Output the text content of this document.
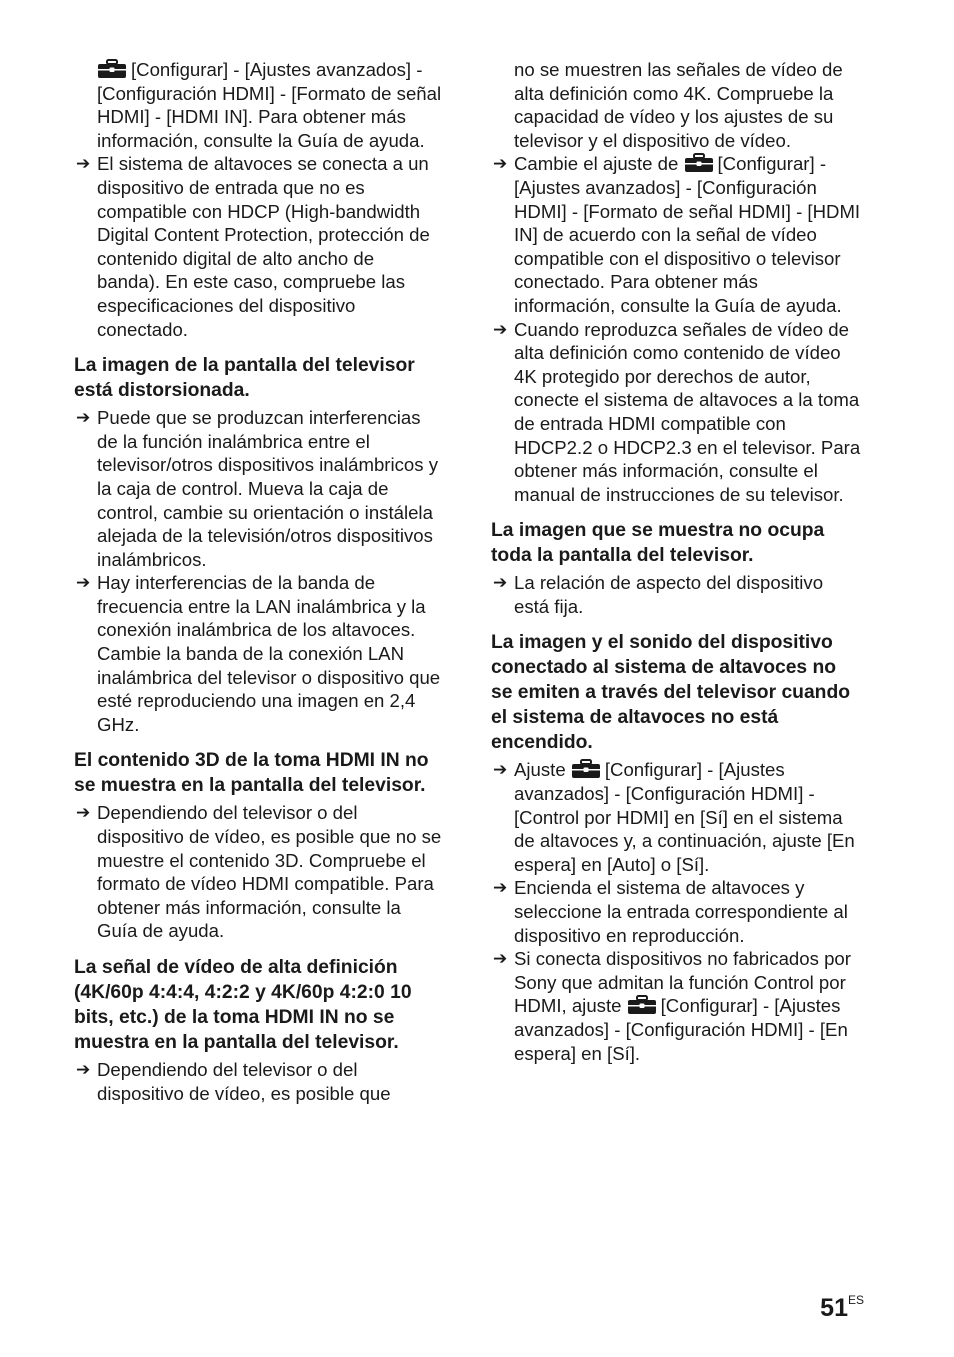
[Configurar] - [Ajustes avanzados] - [Configuración HDMI] - [Formato de señal HDMI] - [HDMI IN]. Para obtener más información, consulte la Guía de ayuda.

➔ El sistema de altavoces se conecta a un dispositivo de entrada que no es compatible con HDCP (High-bandwidth Digital Content Protection, protección de contenido digital de alto ancho de banda). En este caso, compruebe las especificaciones del dispositivo conectado.

La imagen de la pantalla del televisor está distorsionada.

➔ Puede que se produzcan interferencias de la función inalámbrica entre el televisor/otros dispositivos inalámbricos y la caja de control. Mueva la caja de control, cambie su orientación o instálela alejada de la televisión/otros dispositivos inalámbricos.

➔ Hay interferencias de la banda de frecuencia entre la LAN inalámbrica y la conexión inalámbrica de los altavoces. Cambie la banda de la conexión LAN inalámbrica del televisor o dispositivo que esté reproduciendo una imagen en 2,4 GHz.

El contenido 3D de la toma HDMI IN no se muestra en la pantalla del televisor.

➔ Dependiendo del televisor o del dispositivo de vídeo, es posible que no se muestre el contenido 3D. Compruebe el formato de vídeo HDMI compatible. Para obtener más información, consulte la Guía de ayuda.

La señal de vídeo de alta definición (4K/60p 4:4:4, 4:2:2 y 4K/60p 4:2:0 10 bits, etc.) de la toma HDMI IN no se muestra en la pantalla del televisor.

➔ Dependiendo del televisor o del dispositivo de vídeo, es posible que

no se muestren las señales de vídeo de alta definición como 4K. Compruebe la capacidad de vídeo y los ajustes de su televisor y el dispositivo de vídeo.

➔ Cambie el ajuste de [Configurar] - [Ajustes avanzados] - [Configuración HDMI] - [Formato de señal HDMI] - [HDMI IN] de acuerdo con la señal de vídeo compatible con el dispositivo o televisor conectado. Para obtener más información, consulte la Guía de ayuda.

➔ Cuando reproduzca señales de vídeo de alta definición como contenido de vídeo 4K protegido por derechos de autor, conecte el sistema de altavoces a la toma de entrada HDMI compatible con HDCP2.2 o HDCP2.3 en el televisor. Para obtener más información, consulte el manual de instrucciones de su televisor.

La imagen que se muestra no ocupa toda la pantalla del televisor.

➔ La relación de aspecto del dispositivo está fija.

La imagen y el sonido del dispositivo conectado al sistema de altavoces no se emiten a través del televisor cuando el sistema de altavoces no está encendido.

➔ Ajuste [Configurar] - [Ajustes avanzados] - [Configuración HDMI] - [Control por HDMI] en [Sí] en el sistema de altavoces y, a continuación, ajuste [En espera] en [Auto] o [Sí].

➔ Encienda el sistema de altavoces y seleccione la entrada correspondiente al dispositivo en reproducción.

➔ Si conecta dispositivos no fabricados por Sony que admitan la función Control por HDMI, ajuste [Configurar] - [Ajustes avanzados] - [Configuración HDMI] - [En espera] en [Sí].

$51^{ES}$
